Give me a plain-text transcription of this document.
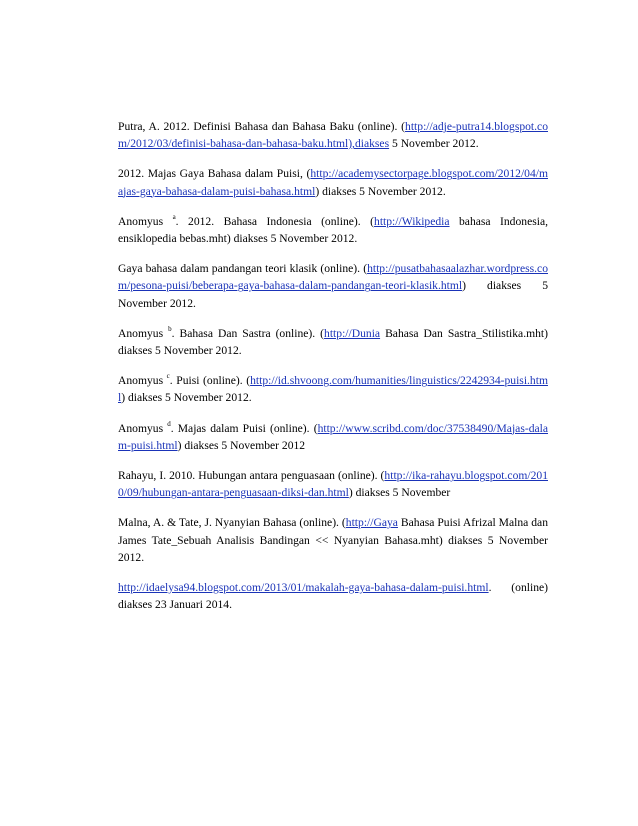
Putra, A. 2012. Definisi Bahasa dan Bahasa Baku (online). (http://adje-putra14.blogspot.com/2012/03/definisi-bahasa-dan-bahasa-baku.html),diakses 5 November 2012.

2012. Majas Gaya Bahasa dalam Puisi, (http://academysectorpage.blogspot.com/2012/04/majas-gaya-bahasa-dalam-puisi-bahasa.html) diakses 5 November 2012.

Anomyus $^a$. 2012. Bahasa Indonesia (online). (http://Wikipedia bahasa Indonesia, ensiklopedia bebas.mht) diakses 5 November 2012.

Gaya bahasa dalam pandangan teori klasik (online). (http://pusatbahasaalazhar.wordpress.com/pesona-puisi/beberapa-gaya-bahasa-dalam-pandangan-teori-klasik.html) diakses 5 November 2012.

Anomyus $^b$. Bahasa Dan Sastra (online). (http://Dunia Bahasa Dan Sastra_Stilistika.mht) diakses 5 November 2012.

Anomyus $^c$. Puisi (online). (http://id.shvoong.com/humanities/linguistics/2242934-puisi.html) diakses 5 November 2012.

Anomyus $^d$. Majas dalam Puisi (online). (http://www.scribd.com/doc/37538490/Majas-dalam-puisi.html) diakses 5 November 2012

Rahayu, I. 2010. Hubungan antara penguasaan (online). (http://ika-rahayu.blogspot.com/2010/09/hubungan-antara-penguasaan-diksi-dan.html) diakses 5 November

Malna, A. & Tate, J. Nyanyian Bahasa (online). (http://Gaya Bahasa Puisi Afrizal Malna dan James Tate_Sebuah Analisis Bandingan << Nyanyian Bahasa.mht) diakses 5 November 2012.

http://idaelysa94.blogspot.com/2013/01/makalah-gaya-bahasa-dalam-puisi.html. (online) diakses 23 Januari 2014.
